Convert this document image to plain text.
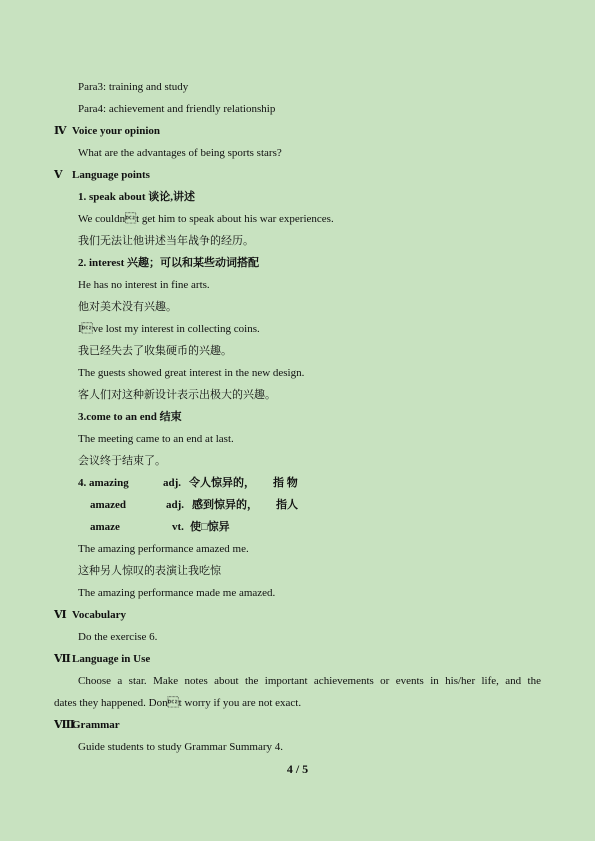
Para3: training and study
Para4: achievement and friendly relationship
Ⅳ Voice your opinion
What are the advantages of being sports stars?
Ⅴ Language points
1. speak about 谈论,讲述
We couldnt get him to speak about his war experiences.
我们无法让他讲述当年战争的经历。
2. interest 兴趣；可以和某些动词搭配
He has no interest in fine arts.
他对美术没有兴趣。
Ive lost my interest in collecting coins.
我已经失去了收集硬币的兴趣。
The guests showed great interest in the new design.
客人们对这种新设计表示出极大的兴趣。
3.come to an end 结束
The meeting came to an end at last.
会议终于结束了。
4. amazing	adj. 令人惊异的， 指 物
amazed	adj. 感到惊异的， 指人
amaze	vt. 使□惊异
The amazing performance amazed me.
这种另人惊叹的表演让我吃惊
The amazing performance made me amazed.
Ⅵ Vocabulary
Do the exercise 6.
ⅦLanguage in Use
Choose a star. Make notes about the important achievements or events in his/her life, and the
dates they happened. Dont worry if you are not exact.
ⅧGrammar
Guide students to study Grammar Summary 4.
4 / 5
